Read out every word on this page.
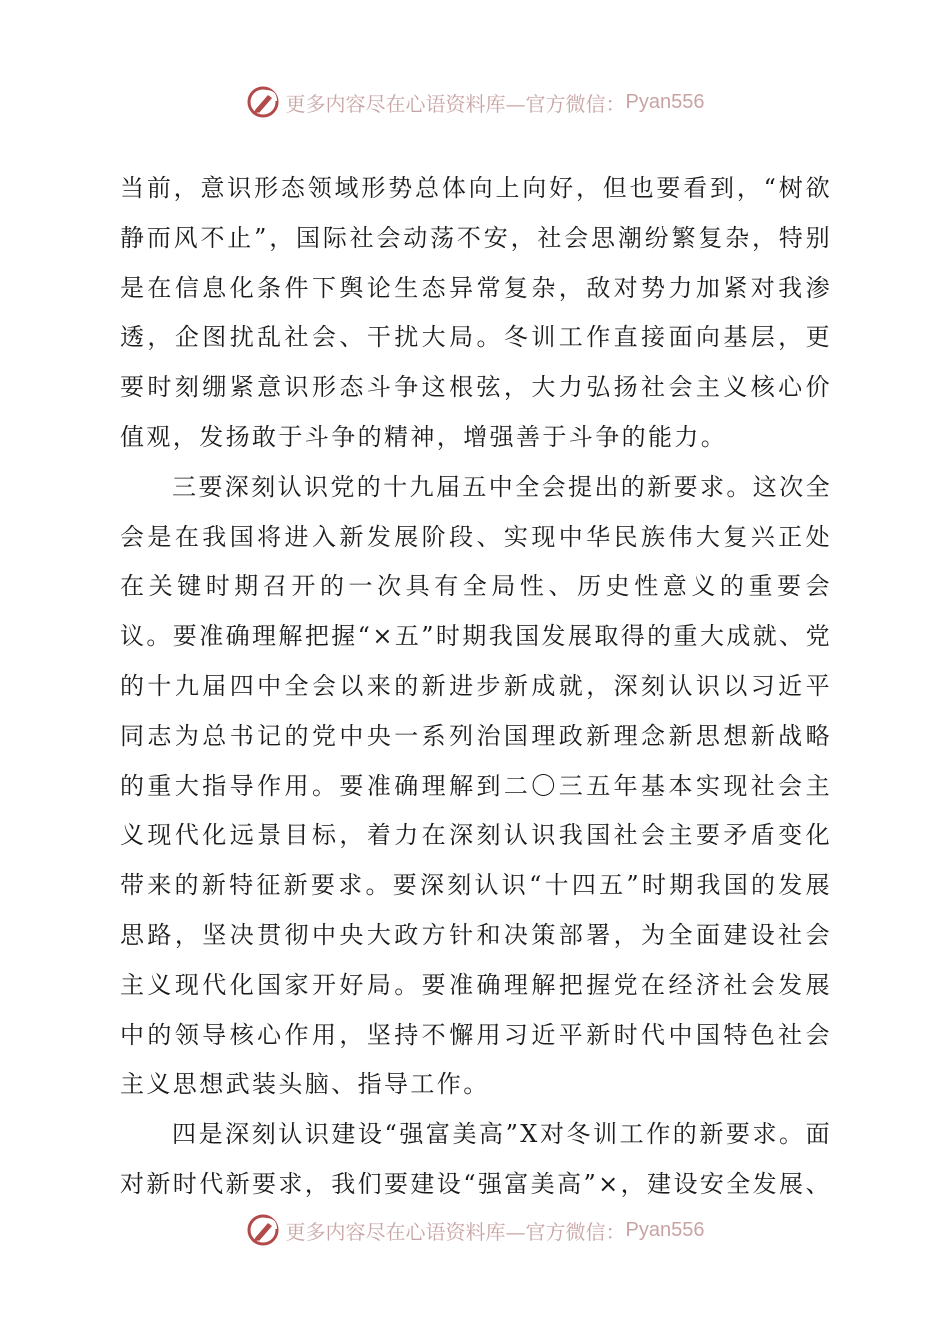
更多内容尽在心语资料库—官方微信： Pyan556

当前，意识形态领域形势总体向上向好，但也要看到，“树欲静而风不止”，国际社会动荡不安，社会思潮纷繁复杂，特别是在信息化条件下舆论生态异常复杂，敌对势力加紧对我渗透，企图扰乱社会、干扰大局。冬训工作直接面向基层，更要时刻绷紧意识形态斗争这根弦，大力弘扬社会主义核心价值观，发扬敢于斗争的精神，增强善于斗争的能力。

三要深刻认识党的十九届五中全会提出的新要求。这次全会是在我国将进入新发展阶段、实现中华民族伟大复兴正处在关键时期召开的一次具有全局性、历史性意义的重要会议。要准确理解把握“×五”时期我国发展取得的重大成就、党的十九届四中全会以来的新进步新成就，深刻认识以习近平同志为总书记的党中央一系列治国理政新理念新思想新战略的重大指导作用。要准确理解到二〇三五年基本实现社会主义现代化远景目标，着力在深刻认识我国社会主要矛盾变化带来的新特征新要求。要深刻认识“十四五”时期我国的发展思路，坚决贯彻中央大政方针和决策部署，为全面建设社会主义现代化国家开好局。要准确理解把握党在经济社会发展中的领导核心作用，坚持不懈用习近平新时代中国特色社会主义思想武装头脑、指导工作。

四是深刻认识建设“强富美高”X对冬训工作的新要求。面对新时代新要求，我们要建设“强富美高”×，建设安全发展、

更多内容尽在心语资料库—官方微信： Pyan556
